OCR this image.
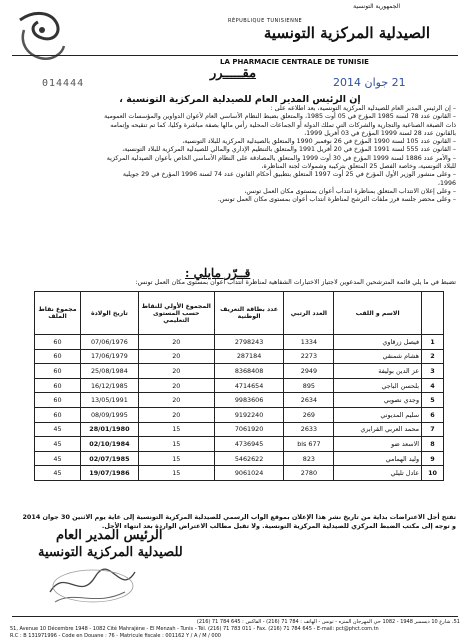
الجمهورية التونسية
RÉPUBLIQUE TUNISIENNE
الصيدلية المركزية التونسية
LA PHARMACIE CENTRALE DE TUNISIE
014444
مقـــــرر
21 جوان 2014
إن الرئيس المدير العام للصيدلية المركزية التونسية ،
– إن الرئيس المدير العام للصيدلية المركزية التونسية، بعد اطلاعه على :
– القانون عدد 78 لسنة 1985 المؤرخ في 05 أوت 1985، والمتعلق بضبط النظام الأساسي العام لأعوان الدواوين والمؤسسات العمومية
ذات الصبغة الصناعية والتجارية والشركات التي تملك الدولة أو الجماعات المحلية رأس مالها بصفة مباشرة وكليا، كما تم تنقيحه وإتمامه
بالقانون عدد 28 لسنة 1999 المؤرخ في 03 أفريل 1999،
– القانون عدد 105 لسنة 1990 المؤرخ في 26 نوفمبر 1990 والمتعلق بالصيدلية المركزية للبلاد التونسية،
– القانون عدد 555 لسنة 1991 المؤرخ في 20 أفريل 1991 والمتعلق بالتنظيم الإداري والمالي للصيدلية المركزية للبلاد التونسية،
– والأمر عدد 1886 لسنة 1999 المؤرخ في 30 أوت 1999 والمتعلق بالمصادقة على النظام الأساسي الخاص بأعوان الصيدلية المركزية
للبلاد التونسية، وخاصة الفصل 25 المتعلق بتركيبة وشمولات لجنة المناظرة،
– وعلى منشور الوزير الأول المؤرخ في 25 أوت 1997 المتعلق بتطبيق أحكام القانون عدد 74 لسنة 1996 المؤرخ في 29 جويلية
1996،
– وعلى إعلان الانتداب المتعلق بمناظرة انتداب أعوان بمستوى مكان العمل تونس،
– وعلى محضر جلسة فرز ملفات الترشح لمناظرة انتداب أعوان بمستوى مكان العمل تونس.
قــرّر مايلي :
تضبط في ما يلي قائمة المترشحين المدعوين لاجتياز الاختبارات الشفاهية لمناظرة انتداب أعوان بمستوى مكان العمل تونس:
	الاسم و اللقب	العدد الرتبي	عدد بطاقة التعريف الوطنية	المجموع الأولي للنقاط حسب المستوى التعليمي	تاريخ الولادة	مجموع نقاط الملف
1	فيصل زرقاوي	1334	2798243	20	07/06/1976	60
2	هشام شمنقي	2273	287184	20	17/06/1979	60
3	عز الدين بوليفة	2949	8368408	20	25/08/1984	60
4	بلحسن الباجي	895	4714654	20	16/12/1985	60
5	وجدي نصوبي	2634	9983606	20	13/05/1991	60
6	سليم المديوني	269	9192240	20	08/09/1995	60
7	محمد العربي القرابري	2633	7061920	15	28/01/1980	45
8	الاسعد ضو	677 bis	4736945	15	02/10/1984	45
9	وليد الهمامي	823	5462622	15	02/07/1985	45
10	عادل تليلي	2780	9061024	15	19/07/1986	45
تفتح أجل الاعتراضات بداية من تاريخ نشر هذا الإعلان بموقع الواب الرسمي للصيدلية المركزية التونسية إلى غاية يوم الاثنين 30 جوان 2014
و توجه إلى مكتب الضبط المركزي للصيدلية المركزية التونسية. ولا تقبل مطالب الاعتراض الواردة بعد انتهاء الأجل.
الرئيس المدير العام
للصيدلية المركزية التونسية
51، شارع 10 ديسمبر 1948 - 1082 حي المهرجان المنزه - تونس - الهاتف : 784 71 (216) - الفاكس : 645 784 71 (216)
51, Avenue 10 Décembre 1948 - 1082 Cité Mahrajène - El Menzah - Tunis - Tél. (216) 71 783 011 - Fax. (216) 71 784 645 - E-mail: pct@phct.com.tn
R.C : B 131971996 - Code en Douane : 76 - Matricule fiscale : 001162 Y / A / M / 000
